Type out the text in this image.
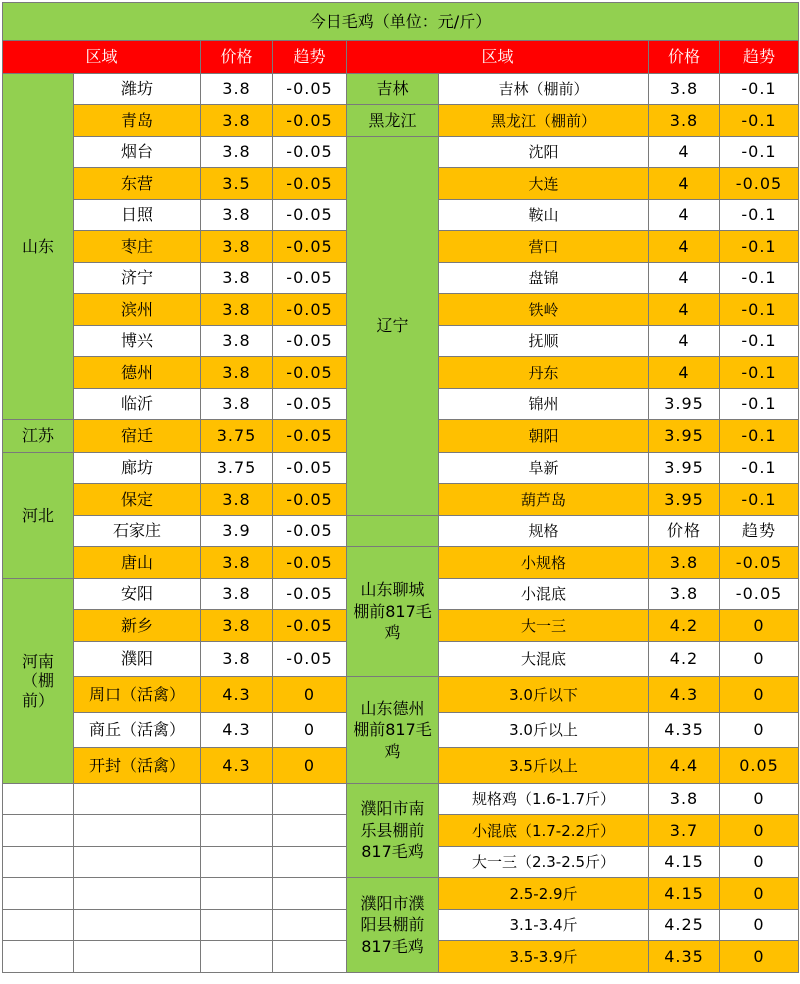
今日毛鸡（单位：元/斤）							
区域		价格	趋势	区域		价格	趋势
山东	潍坊	3.8	-0.05	吉林	吉林（棚前）	3.8	-0.1
	青岛	3.8	-0.05	黑龙江	黑龙江（棚前）	3.8	-0.1
	烟台	3.8	-0.05	辽宁	沈阳	4	-0.1
	东营	3.5	-0.05		大连	4	-0.05
	日照	3.8	-0.05		鞍山	4	-0.1
	枣庄	3.8	-0.05		营口	4	-0.1
	济宁	3.8	-0.05		盘锦	4	-0.1
	滨州	3.8	-0.05		铁岭	4	-0.1
	博兴	3.8	-0.05		抚顺	4	-0.1
	德州	3.8	-0.05		丹东	4	-0.1
	临沂	3.8	-0.05		锦州	3.95	-0.1
江苏	宿迁	3.75	-0.05		朝阳	3.95	-0.1
河北	廊坊	3.75	-0.05		阜新	3.95	-0.1
	保定	3.8	-0.05		葫芦岛	3.95	-0.1
	石家庄	3.9	-0.05		规格	价格	趋势
	唐山	3.8	-0.05	山东聊城棚前817毛鸡	小规格	3.8	-0.05
河南（棚前）	安阳	3.8	-0.05		小混底	3.8	-0.05
	新乡	3.8	-0.05		大一三	4.2	0
	濮阳	3.8	-0.05		大混底	4.2	0
	周口（活禽）	4.3	0	山东德州棚前817毛鸡	3.0斤以下	4.3	0
	商丘（活禽）	4.3	0		3.0斤以上	4.35	0
	开封（活禽）	4.3	0		3.5斤以上	4.4	0.05
				濮阳市南乐县棚前817毛鸡	规格鸡（1.6-1.7斤）	3.8	0
					小混底（1.7-2.2斤）	3.7	0
					大一三（2.3-2.5斤）	4.15	0
				濮阳市濮阳县棚前817毛鸡	2.5-2.9斤	4.15	0
					3.1-3.4斤	4.25	0
					3.5-3.9斤	4.35	0
